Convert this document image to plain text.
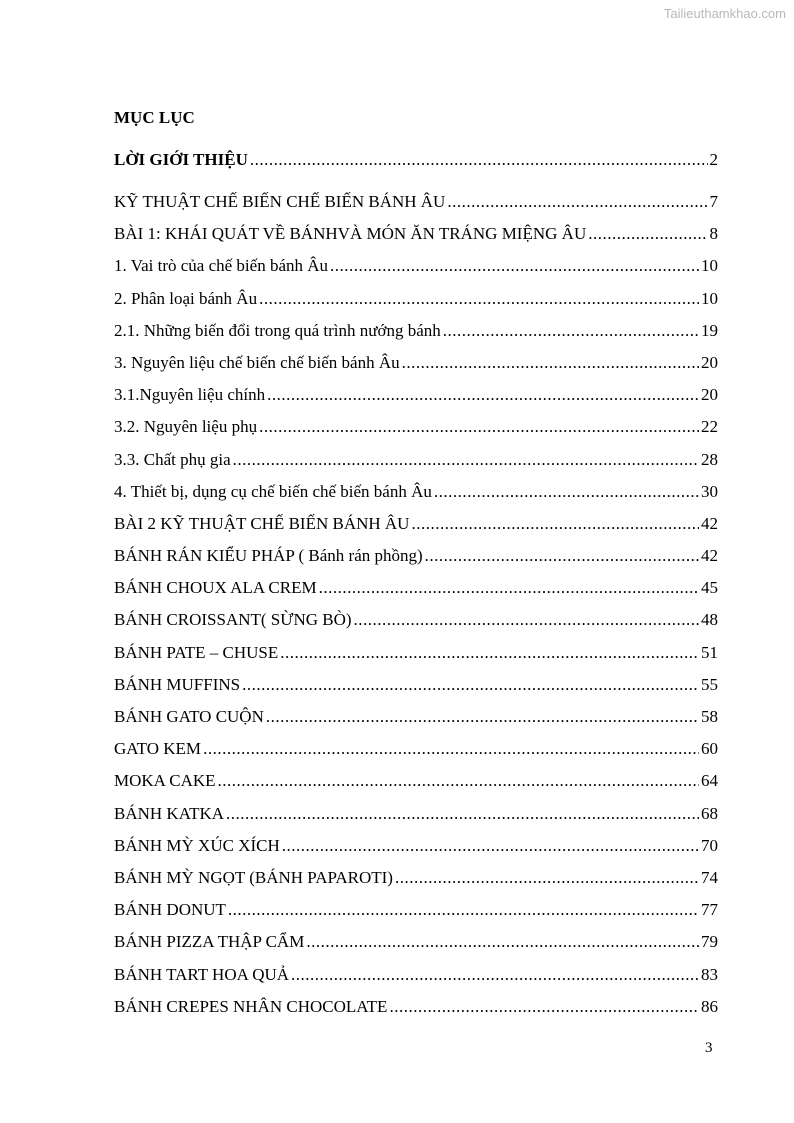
Tailieuthamkhao.com
MỤC LỤC
LỜI GIỚI THIỆU .....	2
KỸ THUẬT CHẾ BIẾN CHẾ BIẾN BÁNH ÂU .....	7
BÀI 1: KHÁI QUÁT VỀ BÁNHVÀ MÓN ĂN TRÁNG MIỆNG ÂU .....	8
1. Vai trò của chế biến bánh Âu .....	10
2. Phân loại bánh Âu .....	10
2.1. Những biến đổi trong quá trình nướng bánh .....	19
3. Nguyên liệu chế biến chế biến bánh Âu .....	20
3.1.Nguyên liệu chính .....	20
3.2. Nguyên liệu phụ .....	22
3.3. Chất phụ gia .....	28
4. Thiết bị, dụng cụ chế biến chế biến bánh Âu .....	30
BÀI 2 KỸ THUẬT CHẾ BIẾN BÁNH ÂU .....	42
BÁNH RÁN KIỂU PHÁP ( Bánh rán phồng) .....	42
BÁNH CHOUX ALA CREM .....	45
BÁNH CROISSANT( SỪNG BÒ) .....	48
BÁNH PATE – CHUSE .....	51
BÁNH MUFFINS .....	55
BÁNH GATO CUỘN .....	58
GATO KEM .....	60
MOKA CAKE .....	64
BÁNH KATKA .....	68
BÁNH MỲ XÚC XÍCH .....	70
BÁNH MỲ NGỌT (BÁNH PAPAROTI) .....	74
BÁNH DONUT .....	77
BÁNH PIZZA THẬP CẨM .....	79
BÁNH TART HOA QUẢ .....	83
BÁNH CREPES NHÂN CHOCOLATE .....	86
3
